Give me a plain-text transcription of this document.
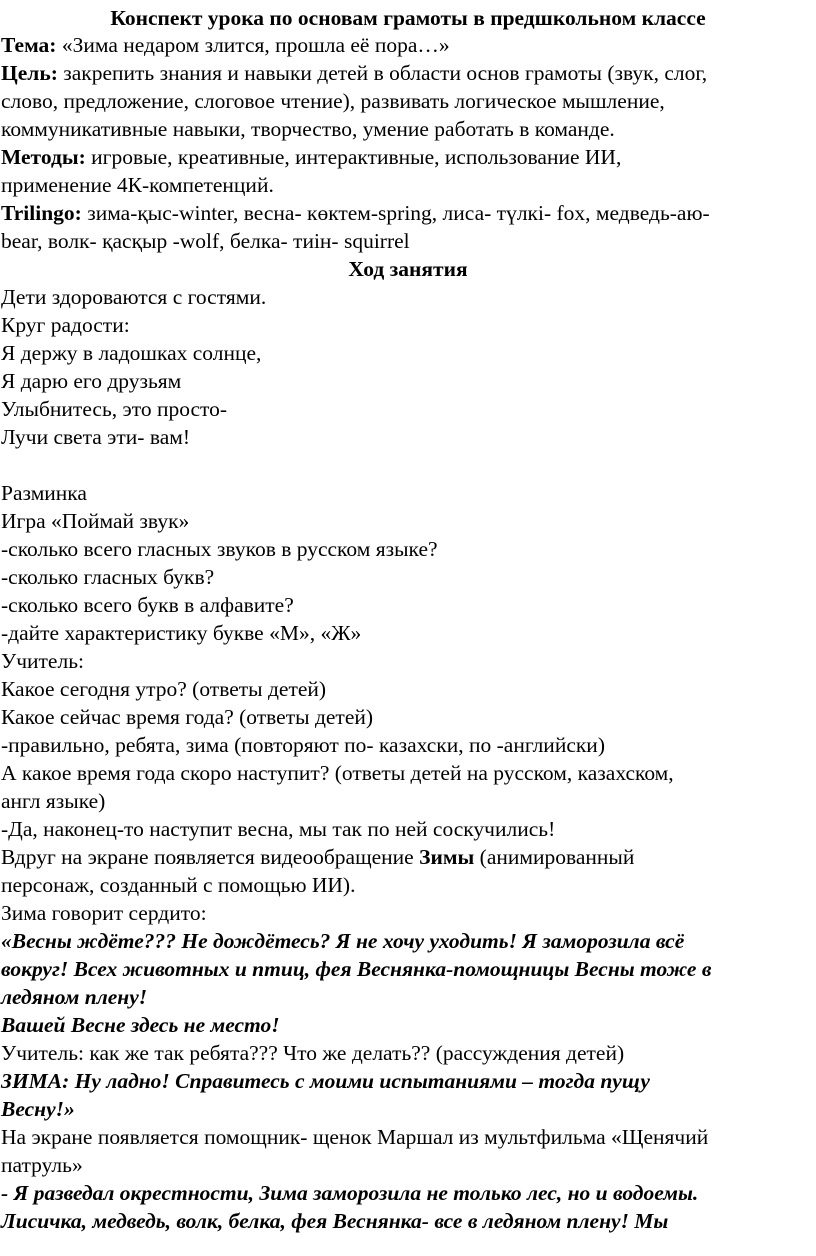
Конспект урока по основам грамоты в предшкольном классе
Тема: «Зима недаром злится, прошла её пора…»
Цель: закрепить знания и навыки детей в области основ грамоты (звук, слог,
слово, предложение, слоговое чтение), развивать логическое мышление,
коммуникативные навыки, творчество, умение работать в команде.
Методы: игровые, креативные, интерактивные, использование ИИ,
применение 4К-компетенций.
Trilingo: зима-қыс-winter, весна- көктем-spring, лиса- түлкі- fox, медведь-аю-
bear, волк- қасқыр -wolf, белка- тиін- squirrel
Ход занятия
Дети здороваются с гостями.
Круг радости:
Я держу в ладошках солнце,
Я дарю его друзьям
Улыбнитесь, это просто-
Лучи света эти- вам!
Разминка
Игра «Поймай звук»
-сколько всего гласных звуков в русском языке?
-сколько гласных букв?
-сколько всего букв в алфавите?
-дайте характеристику букве «М», «Ж»
Учитель:
Какое сегодня утро? (ответы детей)
Какое сейчас время года? (ответы детей)
-правильно, ребята, зима (повторяют по- казахски, по -английски)
А какое время года скоро наступит? (ответы детей на русском, казахском,
англ языке)
-Да, наконец-то наступит весна, мы так по ней соскучились!
Вдруг на экране появляется видеообращение Зимы (анимированный
персонаж, созданный с помощью ИИ).
Зима говорит сердито:
«Весны ждёте??? Не дождётесь? Я не хочу уходить! Я заморозила всё
вокруг! Всех животных и птиц, фея Веснянка-помощницы Весны тоже в
ледяном плену!
Вашей Весне здесь не место!
Учитель: как же так ребята??? Что же делать?? (рассуждения детей)
ЗИМА: Ну ладно! Справитесь с моими испытаниями – тогда пущу
Весну!»
На экране появляется помощник- щенок Маршал из мультфильма «Щенячий
патруль»
- Я разведал окрестности, Зима заморозила не только лес, но и водоемы.
Лисичка, медведь, волк, белка, фея Веснянка- все в ледяном плену! Мы
